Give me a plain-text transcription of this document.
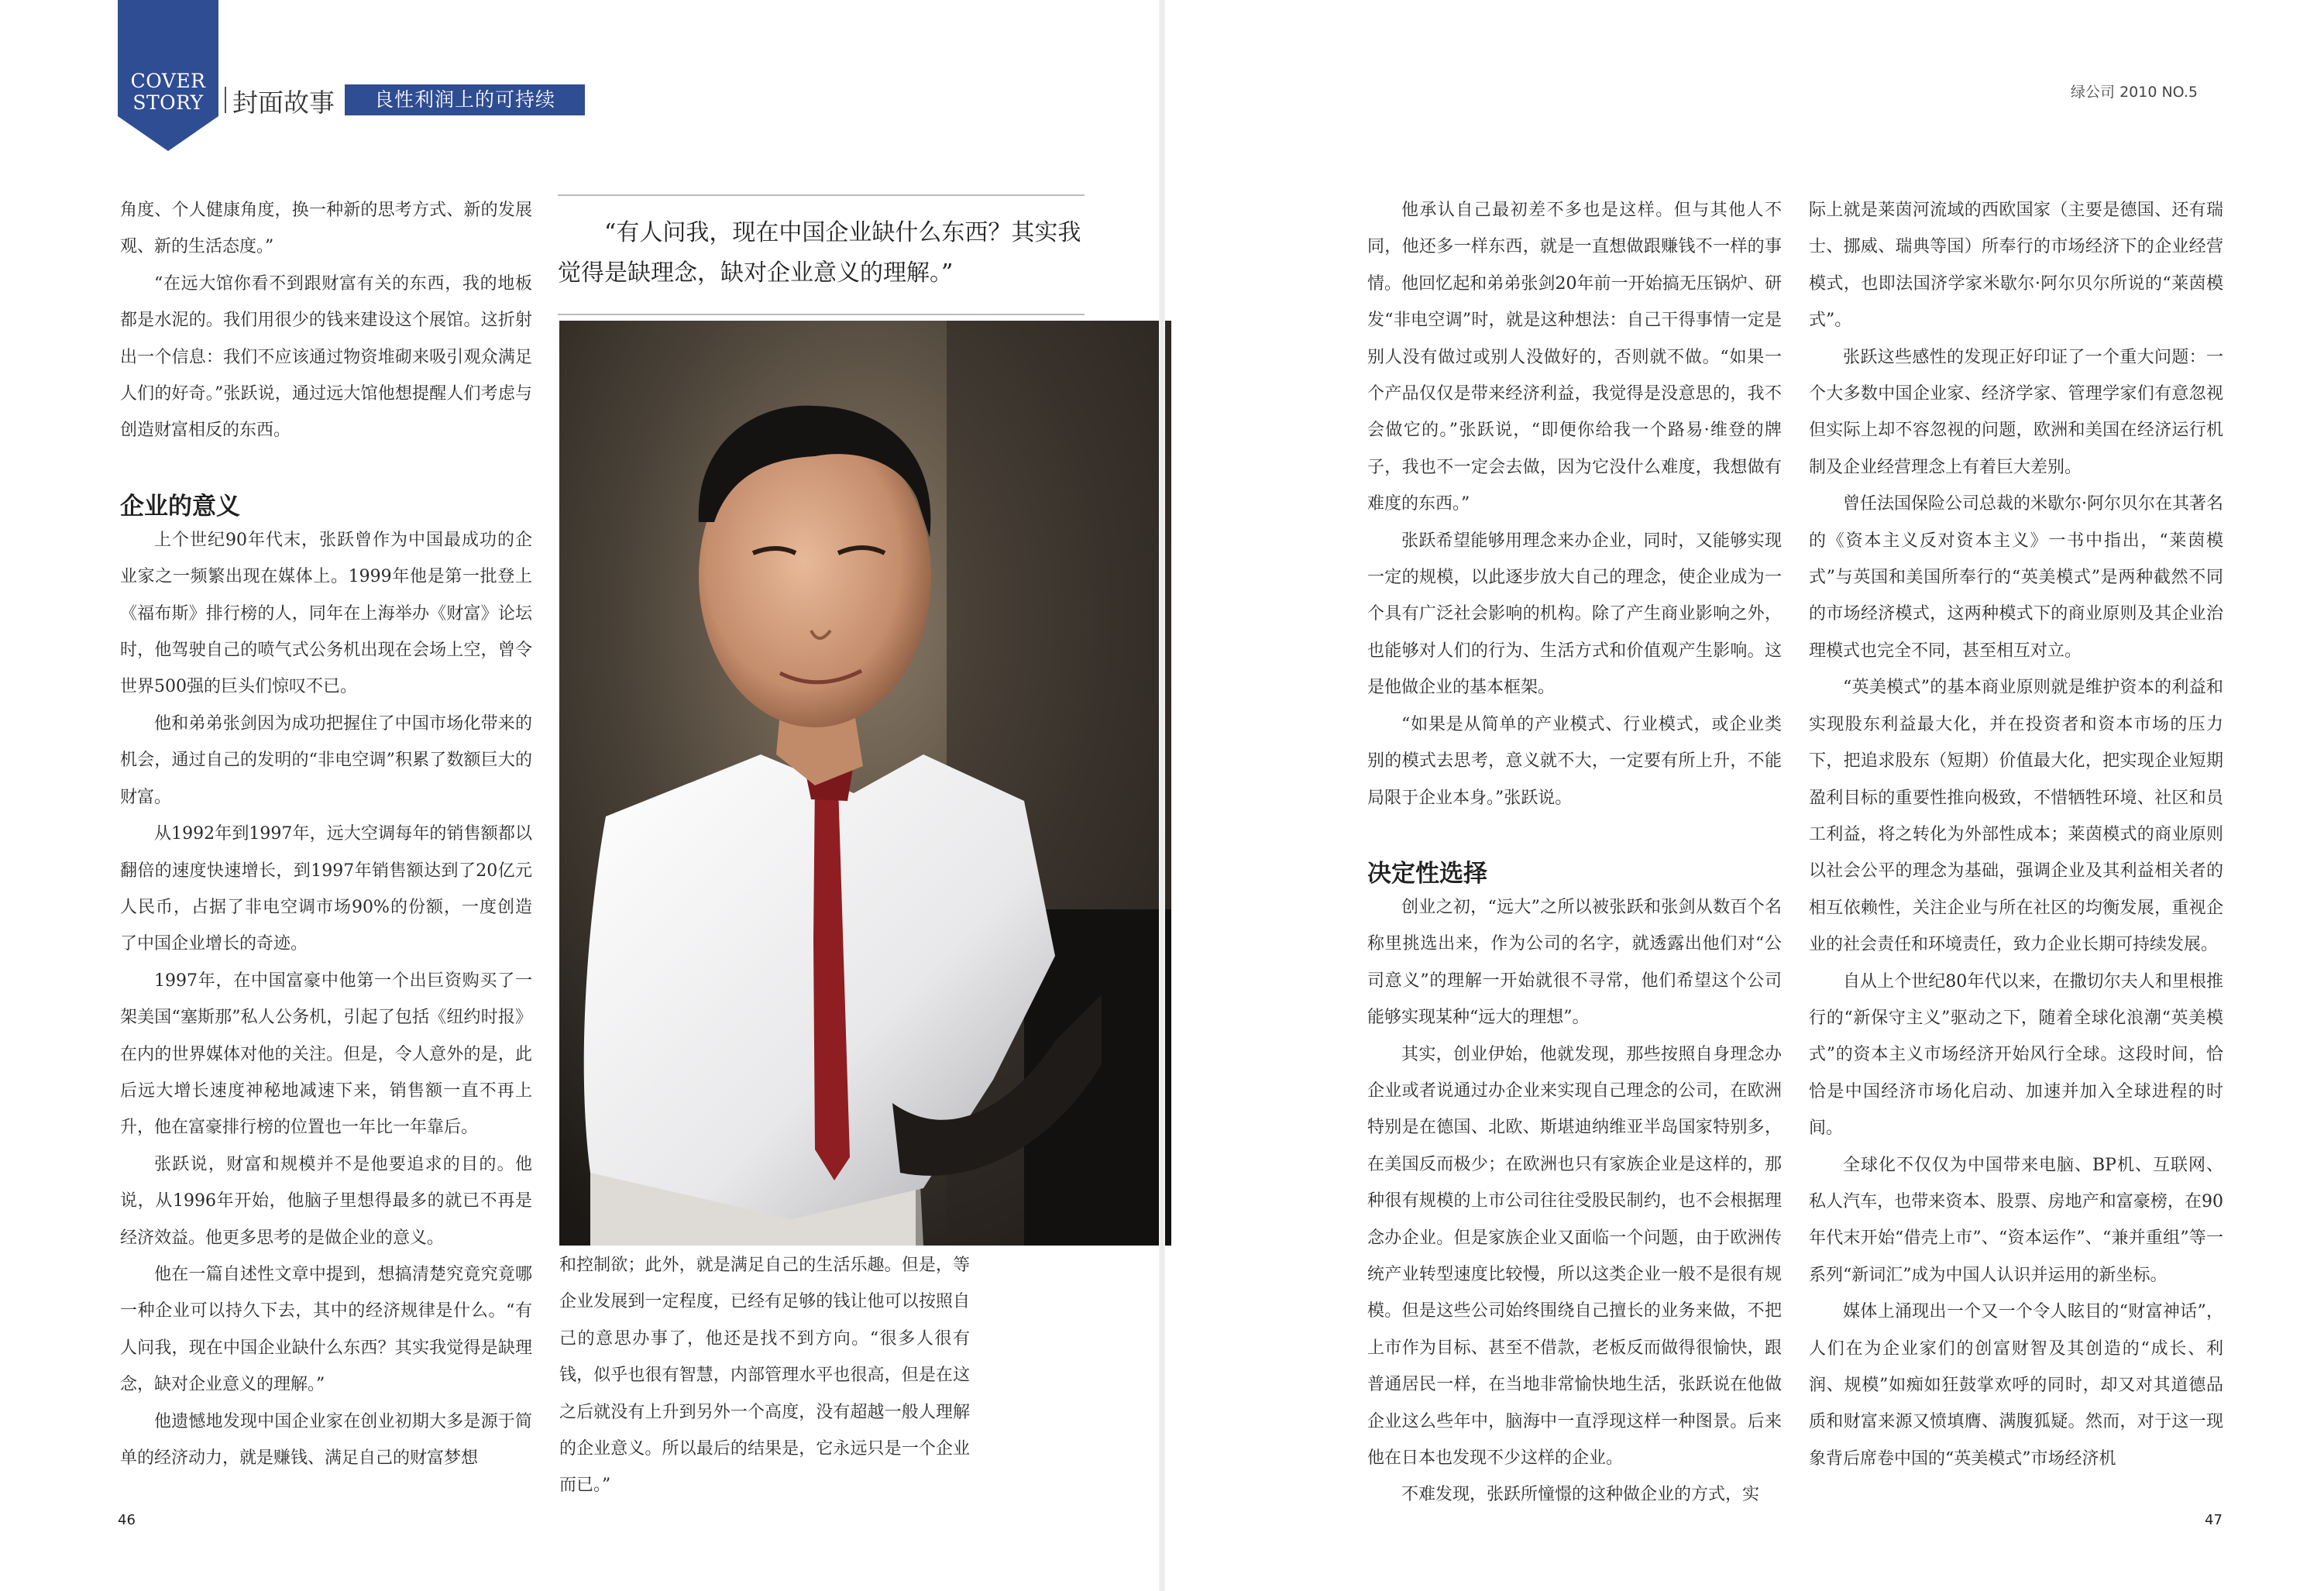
COVER
STORY	封面故事	良性利润上的可持续

角度、个人健康角度，换一种新的思考方式、新的发展观、新的生活态度。”

“在远大馆你看不到跟财富有关的东西，我的地板都是水泥的。我们用很少的钱来建设这个展馆。这折射出一个信息：我们不应该通过物资堆砌来吸引观众满足人们的好奇。”张跃说，通过远大馆他想提醒人们考虑与创造财富相反的东西。

企业的意义

上个世纪90年代末，张跃曾作为中国最成功的企业家之一频繁出现在媒体上。1999年他是第一批登上《福布斯》排行榜的人，同年在上海举办《财富》论坛时，他驾驶自己的喷气式公务机出现在会场上空，曾令世界500强的巨头们惊叹不已。

他和弟弟张剑因为成功把握住了中国市场化带来的机会，通过自己的发明的“非电空调”积累了数额巨大的财富。

从1992年到1997年，远大空调每年的销售额都以翻倍的速度快速增长，到1997年销售额达到了20亿元人民币，占据了非电空调市场90%的份额，一度创造了中国企业增长的奇迹。

1997年，在中国富豪中他第一个出巨资购买了一架美国“塞斯那”私人公务机，引起了包括《纽约时报》在内的世界媒体对他的关注。但是，令人意外的是，此后远大增长速度神秘地减速下来，销售额一直不再上升，他在富豪排行榜的位置也一年比一年靠后。

张跃说，财富和规模并不是他要追求的目的。他说，从1996年开始，他脑子里想得最多的就已不再是经济效益。他更多思考的是做企业的意义。

他在一篇自述性文章中提到，想搞清楚究竟究竟哪一种企业可以持久下去，其中的经济规律是什么。“有人问我，现在中国企业缺什么东西？其实我觉得是缺理念，缺对企业意义的理解。”

他遗憾地发现中国企业家在创业初期大多是源于简单的经济动力，就是赚钱、满足自己的财富梦想

“有人问我，现在中国企业缺什么东西？其实我觉得是缺理念，缺对企业意义的理解。”

和控制欲；此外，就是满足自己的生活乐趣。但是，等企业发展到一定程度，已经有足够的钱让他可以按照自己的意思办事了，他还是找不到方向。“很多人很有钱，似乎也很有智慧，内部管理水平也很高，但是在这之后就没有上升到另外一个高度，没有超越一般人理解的企业意义。所以最后的结果是，它永远只是一个企业而已。”

46
绿公司 2010 NO.5

他承认自己最初差不多也是这样。但与其他人不同，他还多一样东西，就是一直想做跟赚钱不一样的事情。他回忆起和弟弟张剑20年前一开始搞无压锅炉、研发“非电空调”时，就是这种想法：自己干得事情一定是别人没有做过或别人没做好的，否则就不做。“如果一个产品仅仅是带来经济利益，我觉得是没意思的，我不会做它的。”张跃说，“即便你给我一个路易·维登的牌子，我也不一定会去做，因为它没什么难度，我想做有难度的东西。”

张跃希望能够用理念来办企业，同时，又能够实现一定的规模，以此逐步放大自己的理念，使企业成为一个具有广泛社会影响的机构。除了产生商业影响之外，也能够对人们的行为、生活方式和价值观产生影响。这是他做企业的基本框架。

“如果是从简单的产业模式、行业模式，或企业类别的模式去思考，意义就不大，一定要有所上升，不能局限于企业本身。”张跃说。

决定性选择

创业之初，“远大”之所以被张跃和张剑从数百个名称里挑选出来，作为公司的名字，就透露出他们对“公司意义”的理解一开始就很不寻常，他们希望这个公司能够实现某种“远大的理想”。

其实，创业伊始，他就发现，那些按照自身理念办企业或者说通过办企业来实现自己理念的公司，在欧洲特别是在德国、北欧、斯堪迪纳维亚半岛国家特别多，在美国反而极少；在欧洲也只有家族企业是这样的，那种很有规模的上市公司往往受股民制约，也不会根据理念办企业。但是家族企业又面临一个问题，由于欧洲传统产业转型速度比较慢，所以这类企业一般不是很有规模。但是这些公司始终围绕自己擅长的业务来做，不把上市作为目标、甚至不借款，老板反而做得很愉快，跟普通居民一样，在当地非常愉快地生活，张跃说在他做企业这么些年中，脑海中一直浮现这样一种图景。后来他在日本也发现不少这样的企业。

不难发现，张跃所憧憬的这种做企业的方式，实

际上就是莱茵河流域的西欧国家（主要是德国、还有瑞士、挪威、瑞典等国）所奉行的市场经济下的企业经营模式，也即法国济学家米歇尔·阿尔贝尔所说的“莱茵模式”。

张跃这些感性的发现正好印证了一个重大问题：一个大多数中国企业家、经济学家、管理学家们有意忽视但实际上却不容忽视的问题，欧洲和美国在经济运行机制及企业经营理念上有着巨大差别。

曾任法国保险公司总裁的米歇尔·阿尔贝尔在其著名的《资本主义反对资本主义》一书中指出，“莱茵模式”与英国和美国所奉行的“英美模式”是两种截然不同的市场经济模式，这两种模式下的商业原则及其企业治理模式也完全不同，甚至相互对立。

“英美模式”的基本商业原则就是维护资本的利益和实现股东利益最大化，并在投资者和资本市场的压力下，把追求股东（短期）价值最大化，把实现企业短期盈利目标的重要性推向极致，不惜牺牲环境、社区和员工利益，将之转化为外部性成本；莱茵模式的商业原则以社会公平的理念为基础，强调企业及其利益相关者的相互依赖性，关注企业与所在社区的均衡发展，重视企业的社会责任和环境责任，致力企业长期可持续发展。

自从上个世纪80年代以来，在撒切尔夫人和里根推行的“新保守主义”驱动之下，随着全球化浪潮“英美模式”的资本主义市场经济开始风行全球。这段时间，恰恰是中国经济市场化启动、加速并加入全球进程的时间。

全球化不仅仅为中国带来电脑、BP机、互联网、私人汽车，也带来资本、股票、房地产和富豪榜，在90年代末开始“借壳上市”、“资本运作”、“兼并重组”等一系列“新词汇”成为中国人认识并运用的新坐标。

媒体上涌现出一个又一个令人眩目的“财富神话”，人们在为企业家们的创富财智及其创造的“成长、利润、规模”如痴如狂鼓掌欢呼的同时，却又对其道德品质和财富来源又愤填膺、满腹狐疑。然而，对于这一现象背后席卷中国的“英美模式”市场经济机

47
